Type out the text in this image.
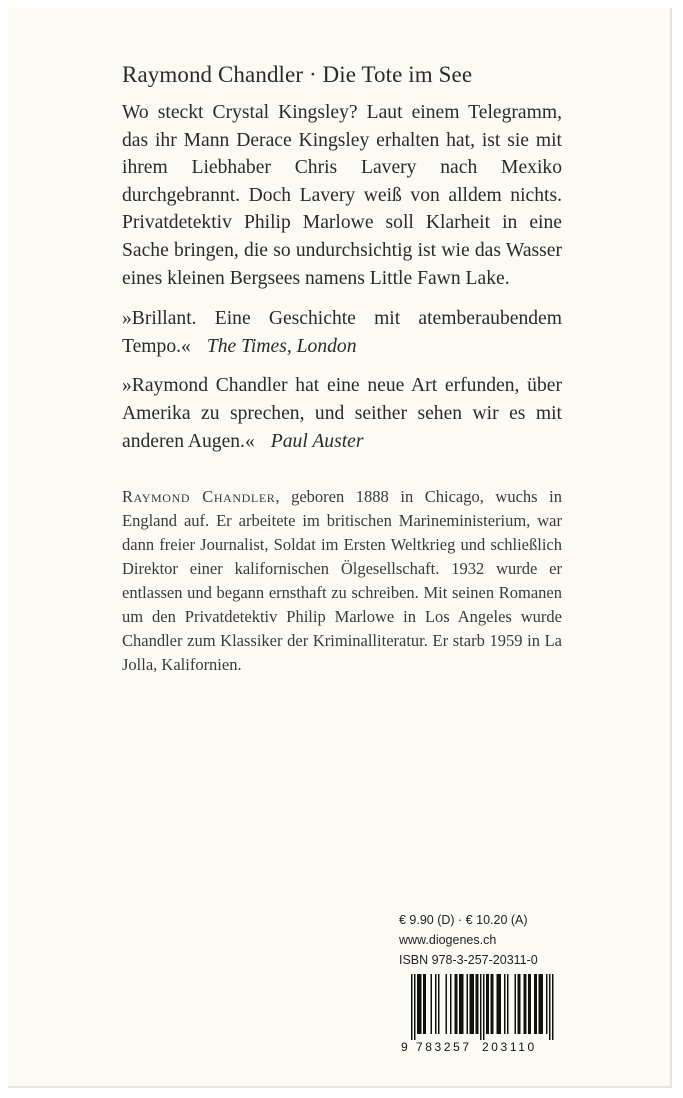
Raymond Chandler · Die Tote im See

Wo steckt Crystal Kingsley? Laut einem Telegramm, das ihr Mann Derace Kingsley erhalten hat, ist sie mit ihrem Liebhaber Chris Lavery nach Mexiko durchgebrannt. Doch Lavery weiß von alldem nichts. Privatdetektiv Philip Marlowe soll Klarheit in eine Sache bringen, die so undurchsichtig ist wie das Wasser eines kleinen Bergsees namens Little Fawn Lake.

»Brillant. Eine Geschichte mit atemberaubendem Tempo.« The Times, London

»Raymond Chandler hat eine neue Art erfunden, über Amerika zu sprechen, und seither sehen wir es mit anderen Augen.« Paul Auster

Raymond Chandler, geboren 1888 in Chicago, wuchs in England auf. Er arbeitete im britischen Marineministerium, war dann freier Journalist, Soldat im Ersten Weltkrieg und schließlich Direktor einer kalifornischen Ölgesellschaft. 1932 wurde er entlassen und begann ernsthaft zu schreiben. Mit seinen Romanen um den Privatdetektiv Philip Marlowe in Los Angeles wurde Chandler zum Klassiker der Kriminalliteratur. Er starb 1959 in La Jolla, Kalifornien.

€ 9.90 (D) · € 10.20 (A)
www.diogenes.ch
ISBN 978-3-257-20311-0
9 783257 203110
